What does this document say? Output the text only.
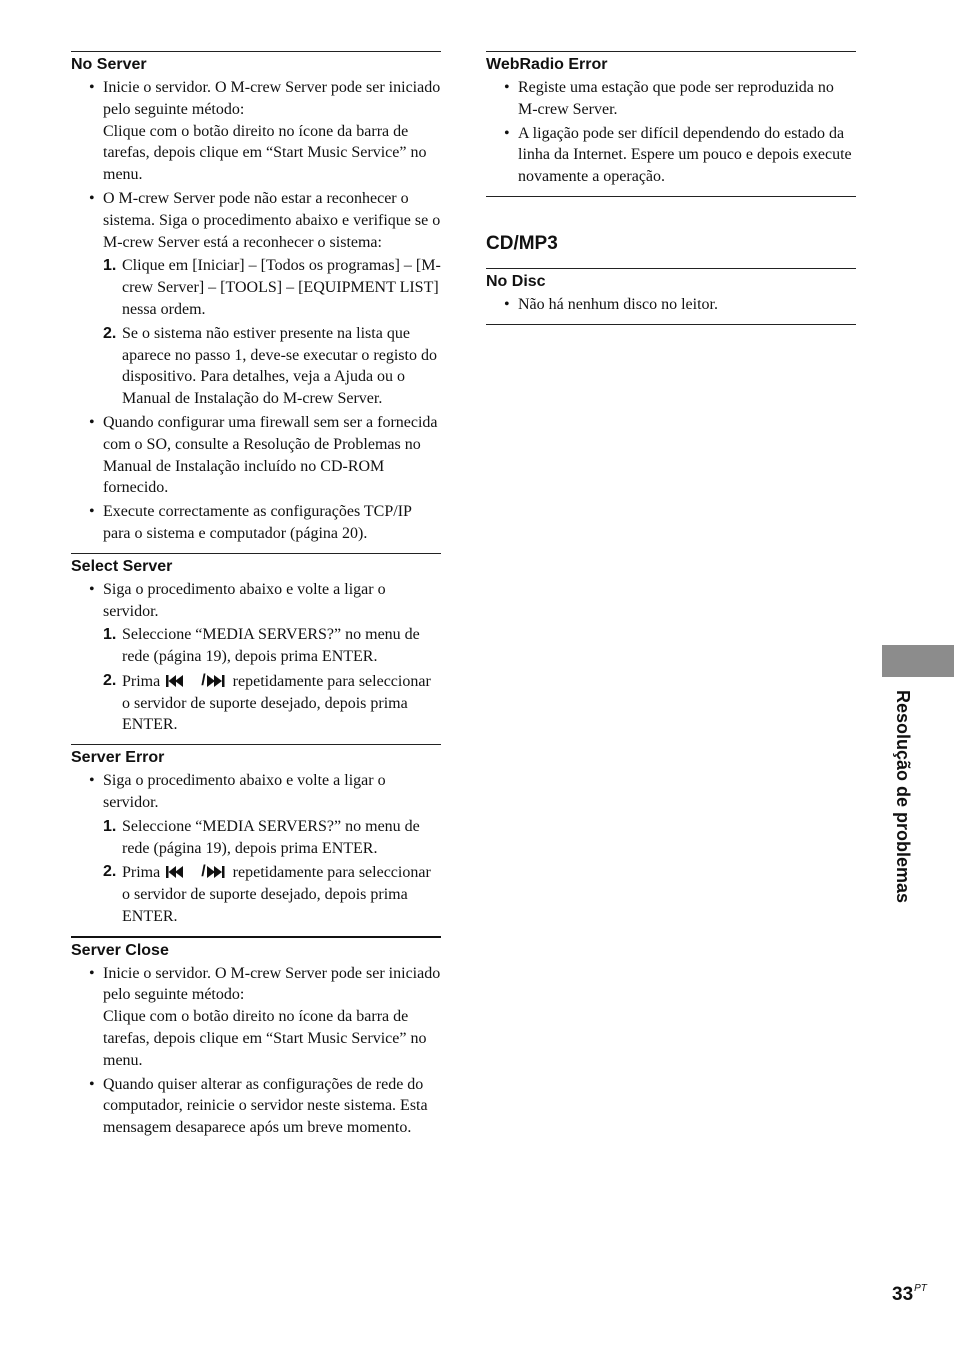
No Server
• Inicie o servidor. O M-crew Server pode ser iniciado pelo seguinte método:
Clique com o botão direito no ícone da barra de tarefas, depois clique em “Start Music Service” no menu.
• O M-crew Server pode não estar a reconhecer o sistema. Siga o procedimento abaixo e verifique se o M-crew Server está a reconhecer o sistema:
1. Clique em [Iniciar] – [Todos os programas] – [M-crew Server] – [TOOLS] – [EQUIPMENT LIST] nessa ordem.
2. Se o sistema não estiver presente na lista que aparece no passo 1, deve-se executar o registo do dispositivo. Para detalhes, veja a Ajuda ou o Manual de Instalação do M-crew Server.
• Quando configurar uma firewall sem ser a fornecida com o SO, consulte a Resolução de Problemas no Manual de Instalação incluído no CD-ROM fornecido.
• Execute correctamente as configurações TCP/IP para o sistema e computador (página 20).
Select Server
• Siga o procedimento abaixo e volte a ligar o servidor.
1. Seleccione “MEDIA SERVERS?” no menu de rede (página 19), depois prima ENTER.
2. Prima	/ repetidamente para seleccionar o servidor de suporte desejado, depois prima ENTER.
Server Error
• Siga o procedimento abaixo e volte a ligar o servidor.
1. Seleccione “MEDIA SERVERS?” no menu de rede (página 19), depois prima ENTER.
2. Prima	/ repetidamente para seleccionar o servidor de suporte desejado, depois prima ENTER.
Server Close
• Inicie o servidor. O M-crew Server pode ser iniciado pelo seguinte método:
Clique com o botão direito no ícone da barra de tarefas, depois clique em “Start Music Service” no menu.
• Quando quiser alterar as configurações de rede do computador, reinicie o servidor neste sistema. Esta mensagem desaparece após um breve momento.
WebRadio Error
• Registe uma estação que pode ser reproduzida no M-crew Server.
• A ligação pode ser difícil dependendo do estado da linha da Internet. Espere um pouco e depois execute novamente a operação.
CD/MP3
No Disc
• Não há nenhum disco no leitor.
Resolução de problemas
$33^{PT}$
